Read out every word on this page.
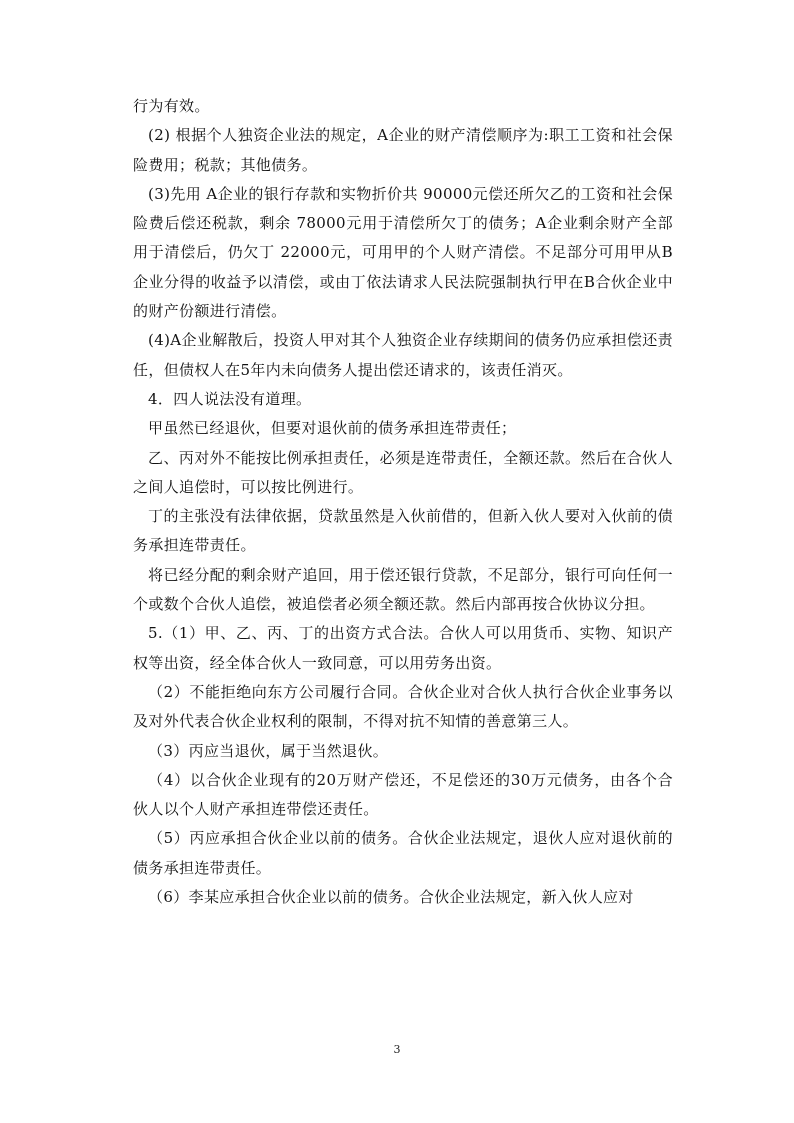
行为有效。

(2) 根据个人独资企业法的规定，A企业的财产清偿顺序为:职工工资和社会保险费用；税款；其他债务。

(3)先用 A企业的银行存款和实物折价共 90000元偿还所欠乙的工资和社会保险费后偿还税款，剩余 78000元用于清偿所欠丁的债务；A企业剩余财产全部用于清偿后，仍欠丁 22000元，可用甲的个人财产清偿。不足部分可用甲从B企业分得的收益予以清偿，或由丁依法请求人民法院强制执行甲在B合伙企业中的财产份额进行清偿。

(4)A企业解散后，投资人甲对其个人独资企业存续期间的债务仍应承担偿还责任，但债权人在5年内未向债务人提出偿还请求的，该责任消灭。

4．四人说法没有道理。

甲虽然已经退伙，但要对退伙前的债务承担连带责任；

乙、丙对外不能按比例承担责任，必须是连带责任，全额还款。然后在合伙人之间人追偿时，可以按比例进行。

丁的主张没有法律依据，贷款虽然是入伙前借的，但新入伙人要对入伙前的债务承担连带责任。

将已经分配的剩余财产追回，用于偿还银行贷款，不足部分，银行可向任何一个或数个合伙人追偿，被追偿者必须全额还款。然后内部再按合伙协议分担。

5.（1）甲、乙、丙、丁的出资方式合法。合伙人可以用货币、实物、知识产权等出资，经全体合伙人一致同意，可以用劳务出资。

（2）不能拒绝向东方公司履行合同。合伙企业对合伙人执行合伙企业事务以及对外代表合伙企业权利的限制，不得对抗不知情的善意第三人。

（3）丙应当退伙，属于当然退伙。

（4）以合伙企业现有的20万财产偿还，不足偿还的30万元债务，由各个合伙人以个人财产承担连带偿还责任。

（5）丙应承担合伙企业以前的债务。合伙企业法规定，退伙人应对退伙前的债务承担连带责任。

（6）李某应承担合伙企业以前的债务。合伙企业法规定，新入伙人应对

3
